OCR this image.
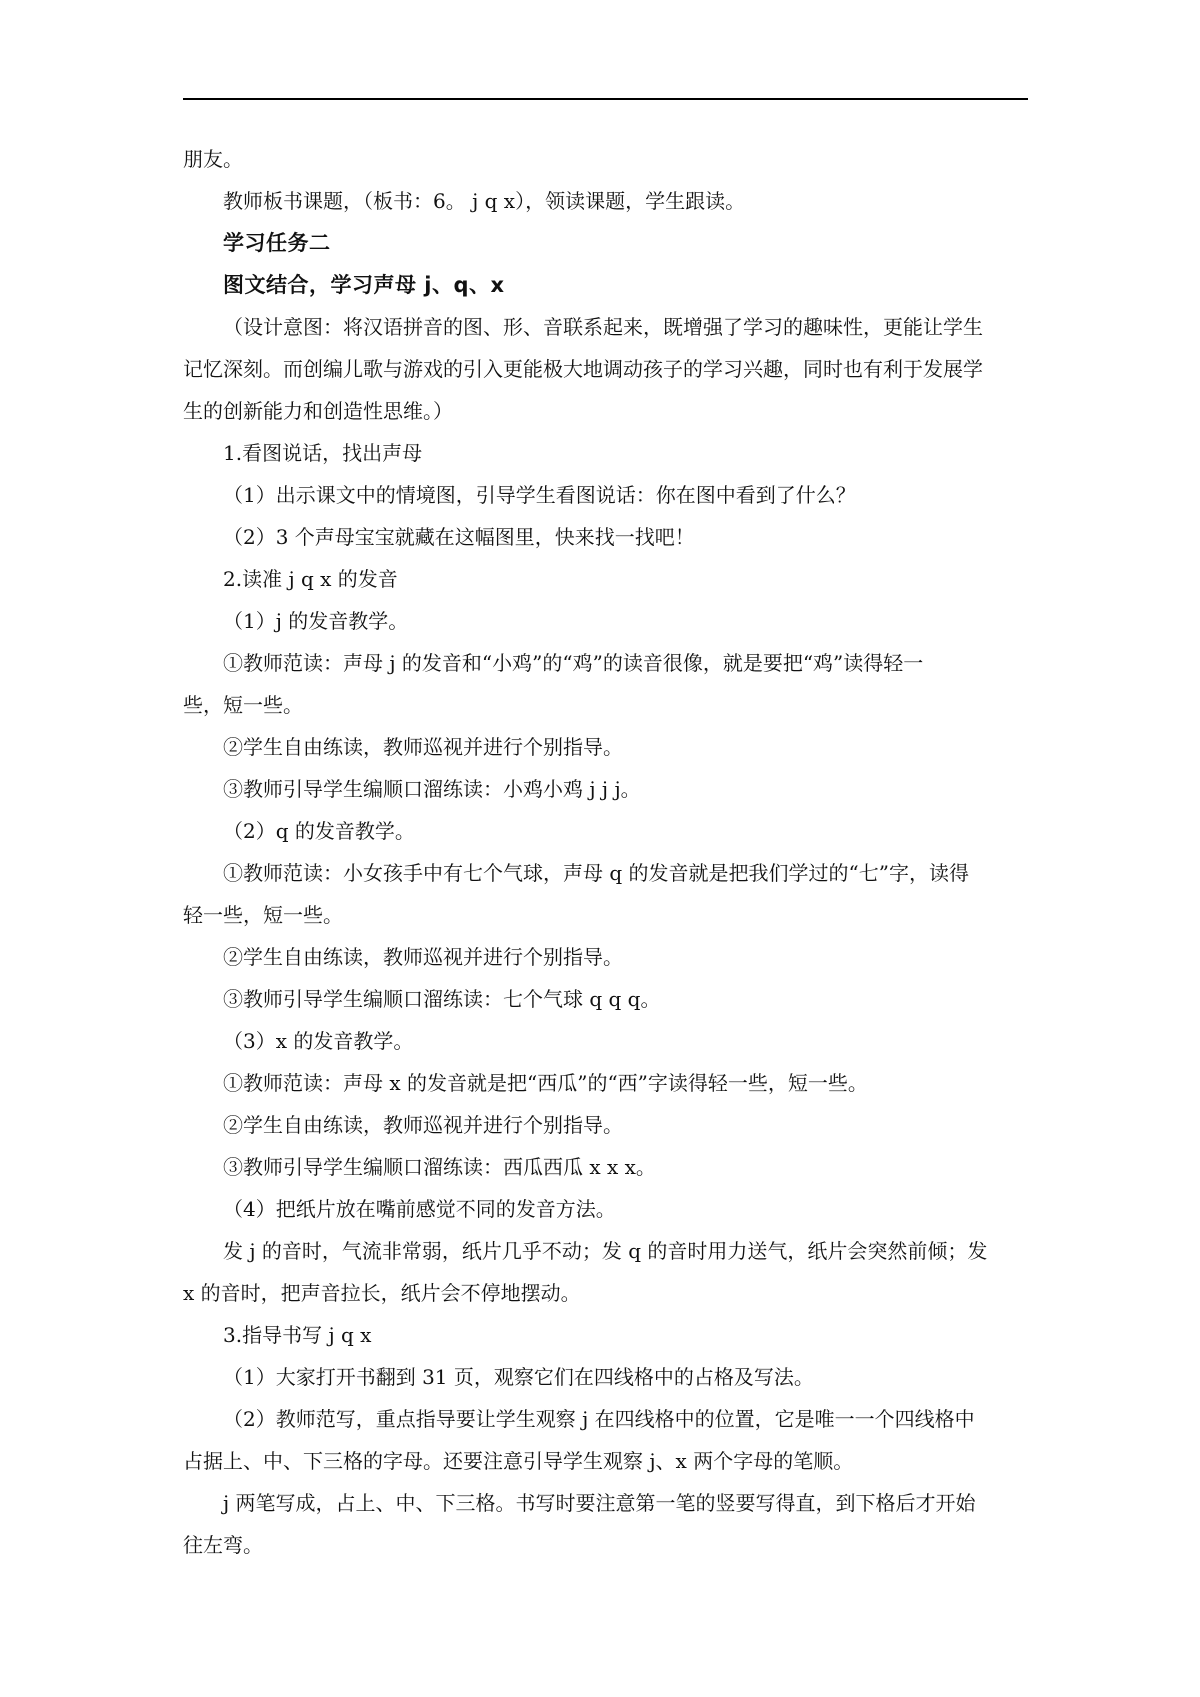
朋友。
教师板书课题，（板书：6。 j q x），领读课题，学生跟读。
学习任务二
图文结合，学习声母 j、q、x
（设计意图：将汉语拼音的图、形、音联系起来，既增强了学习的趣味性，更能让学生
记忆深刻。而创编儿歌与游戏的引入更能极大地调动孩子的学习兴趣，同时也有利于发展学
生的创新能力和创造性思维。）
1.看图说话，找出声母
（1）出示课文中的情境图，引导学生看图说话：你在图中看到了什么？
（2）3 个声母宝宝就藏在这幅图里，快来找一找吧！
2.读准 j q x 的发音
（1）j 的发音教学。
①教师范读：声母 j 的发音和“小鸡”的“鸡”的读音很像，就是要把“鸡”读得轻一
些，短一些。
②学生自由练读，教师巡视并进行个别指导。
③教师引导学生编顺口溜练读：小鸡小鸡 j j j。
（2）q 的发音教学。
①教师范读：小女孩手中有七个气球，声母 q 的发音就是把我们学过的“七”字，读得
轻一些，短一些。
②学生自由练读，教师巡视并进行个别指导。
③教师引导学生编顺口溜练读：七个气球 q q q。
（3）x 的发音教学。
①教师范读：声母 x 的发音就是把“西瓜”的“西”字读得轻一些，短一些。
②学生自由练读，教师巡视并进行个别指导。
③教师引导学生编顺口溜练读：西瓜西瓜 x x x。
（4）把纸片放在嘴前感觉不同的发音方法。
发 j 的音时，气流非常弱，纸片几乎不动；发 q 的音时用力送气，纸片会突然前倾；发
x 的音时，把声音拉长，纸片会不停地摆动。
3.指导书写 j q x
（1）大家打开书翻到 31 页，观察它们在四线格中的占格及写法。
（2）教师范写，重点指导要让学生观察 j 在四线格中的位置，它是唯一一个四线格中
占据上、中、下三格的字母。还要注意引导学生观察 j、x 两个字母的笔顺。
j 两笔写成，占上、中、下三格。书写时要注意第一笔的竖要写得直，到下格后才开始
往左弯。
